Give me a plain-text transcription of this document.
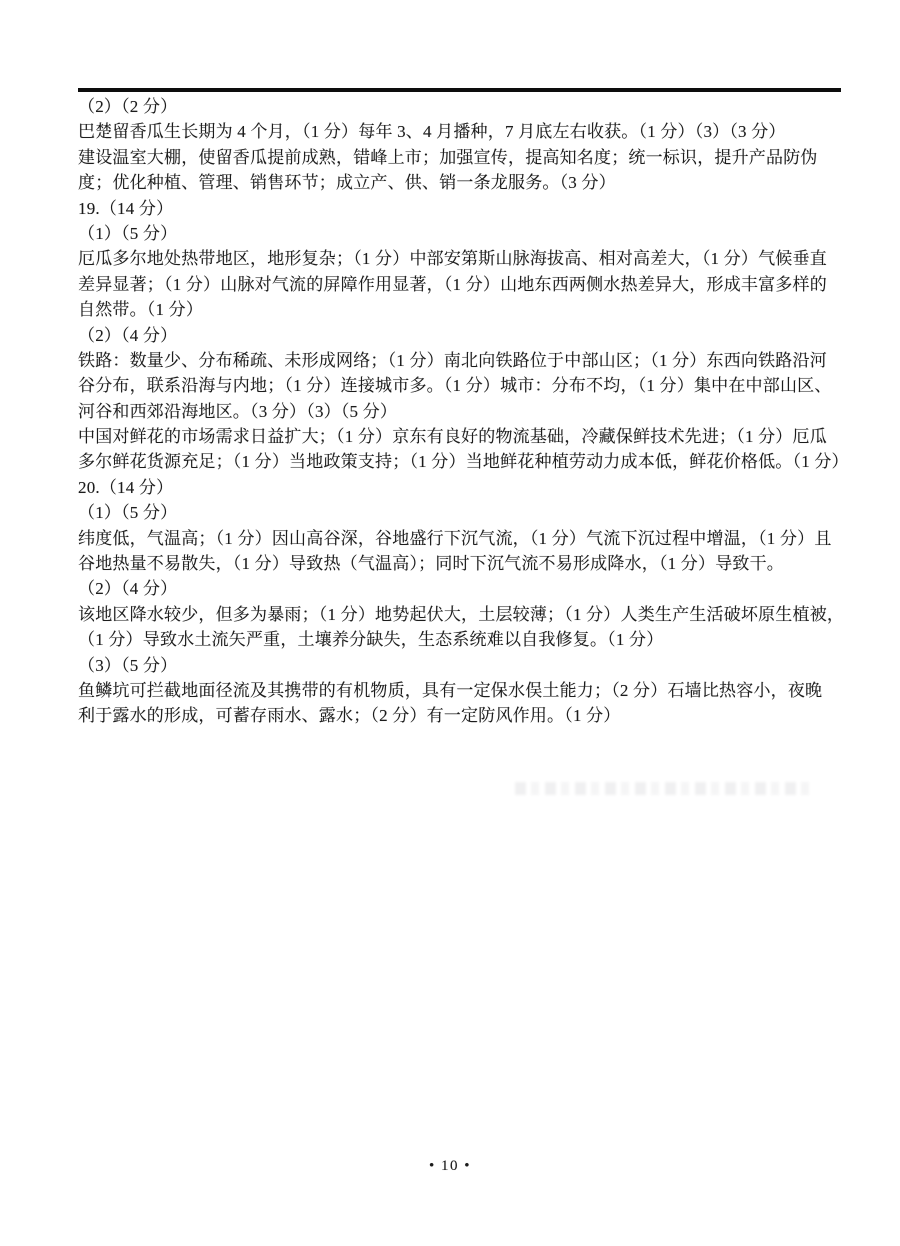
（2）（2 分）
巴楚留香瓜生长期为 4 个月，（1 分）每年 3、4 月播种，7 月底左右收获。（1 分）（3）（3 分）
建设温室大棚，使留香瓜提前成熟，错峰上市；加强宣传，提高知名度；统一标识，提升产品防伪
度；优化种植、管理、销售环节；成立产、供、销一条龙服务。（3 分）
19.（14 分）
（1）（5 分）
厄瓜多尔地处热带地区，地形复杂；（1 分）中部安第斯山脉海拔高、相对高差大，（1 分）气候垂直
差异显著；（1 分）山脉对气流的屏障作用显著，（1 分）山地东西两侧水热差异大，形成丰富多样的
自然带。（1 分）
（2）（4 分）
铁路：数量少、分布稀疏、未形成网络；（1 分）南北向铁路位于中部山区；（1 分）东西向铁路沿河
谷分布，联系沿海与内地；（1 分）连接城市多。（1 分）城市：分布不均，（1 分）集中在中部山区、
河谷和西郊沿海地区。（3 分）（3）（5 分）
中国对鲜花的市场需求日益扩大；（1 分）京东有良好的物流基础，冷藏保鲜技术先进；（1 分）厄瓜
多尔鲜花货源充足；（1 分）当地政策支持；（1 分）当地鲜花种植劳动力成本低，鲜花价格低。（1 分）
20.（14 分）
（1）（5 分）
纬度低，气温高；（1 分）因山高谷深，谷地盛行下沉气流，（1 分）气流下沉过程中增温，（1 分）且
谷地热量不易散失，（1 分）导致热（气温高）；同时下沉气流不易形成降水，（1 分）导致干。
（2）（4 分）
该地区降水较少，但多为暴雨；（1 分）地势起伏大，土层较薄；（1 分）人类生产生活破坏原生植被，
（1 分）导致水土流矢严重，土壤养分缺失，生态系统难以自我修复。（1 分）
（3）（5 分）
鱼鳞坑可拦截地面径流及其携带的有机物质，具有一定保水俣土能力；（2 分）石墙比热容小，夜晚
利于露水的形成，可蓄存雨水、露水；（2 分）有一定防风作用。（1 分）
• 10 •
